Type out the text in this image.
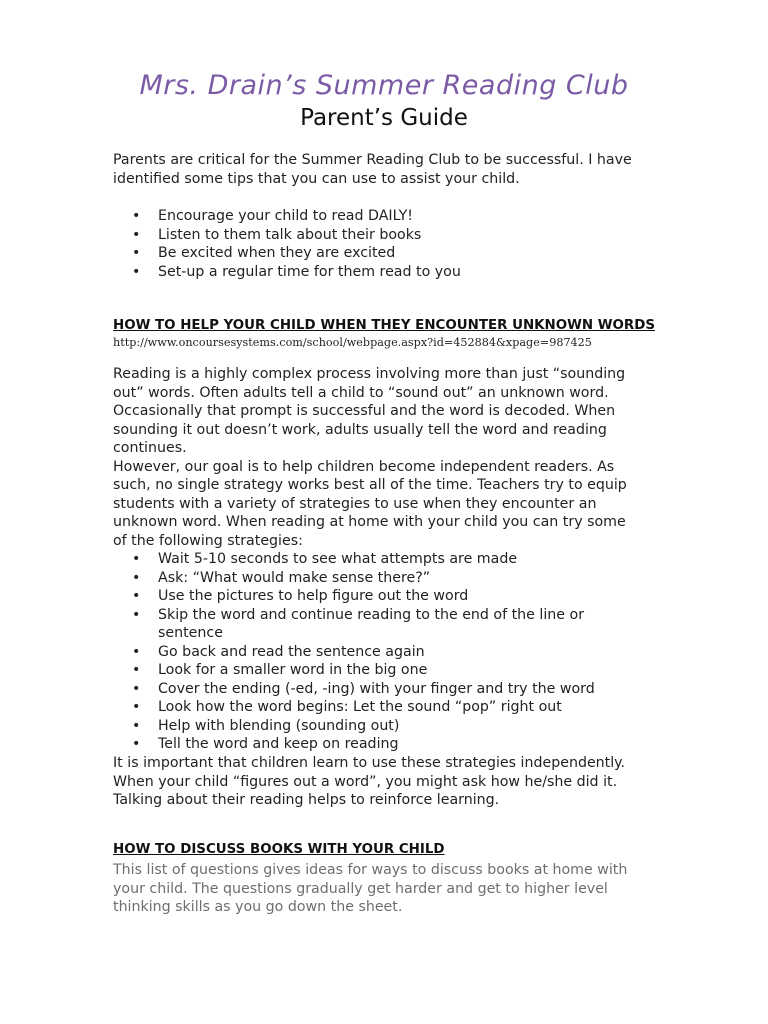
Mrs. Drain’s Summer Reading Club
Parent’s Guide
Parents are critical for the Summer Reading Club to be successful. I have identified some tips that you can use to assist your child.
• Encourage your child to read DAILY!
• Listen to them talk about their books
• Be excited when they are excited
• Set-up a regular time for them read to you
HOW TO HELP YOUR CHILD WHEN THEY ENCOUNTER UNKNOWN WORDS
http://www.oncoursesystems.com/school/webpage.aspx?id=452884&xpage=987425
Reading is a highly complex process involving more than just “sounding out” words. Often adults tell a child to “sound out” an unknown word. Occasionally that prompt is successful and the word is decoded. When sounding it out doesn’t work, adults usually tell the word and reading continues.
However, our goal is to help children become independent readers. As such, no single strategy works best all of the time. Teachers try to equip students with a variety of strategies to use when they encounter an unknown word. When reading at home with your child you can try some of the following strategies:
• Wait 5-10 seconds to see what attempts are made
• Ask: “What would make sense there?”
• Use the pictures to help figure out the word
• Skip the word and continue reading to the end of the line or sentence
• Go back and read the sentence again
• Look for a smaller word in the big one
• Cover the ending (-ed, -ing) with your finger and try the word
• Look how the word begins: Let the sound “pop” right out
• Help with blending (sounding out)
• Tell the word and keep on reading
It is important that children learn to use these strategies independently. When your child “figures out a word”, you might ask how he/she did it. Talking about their reading helps to reinforce learning.
HOW TO DISCUSS BOOKS WITH YOUR CHILD
This list of questions gives ideas for ways to discuss books at home with your child. The questions gradually get harder and get to higher level thinking skills as you go down the sheet.
